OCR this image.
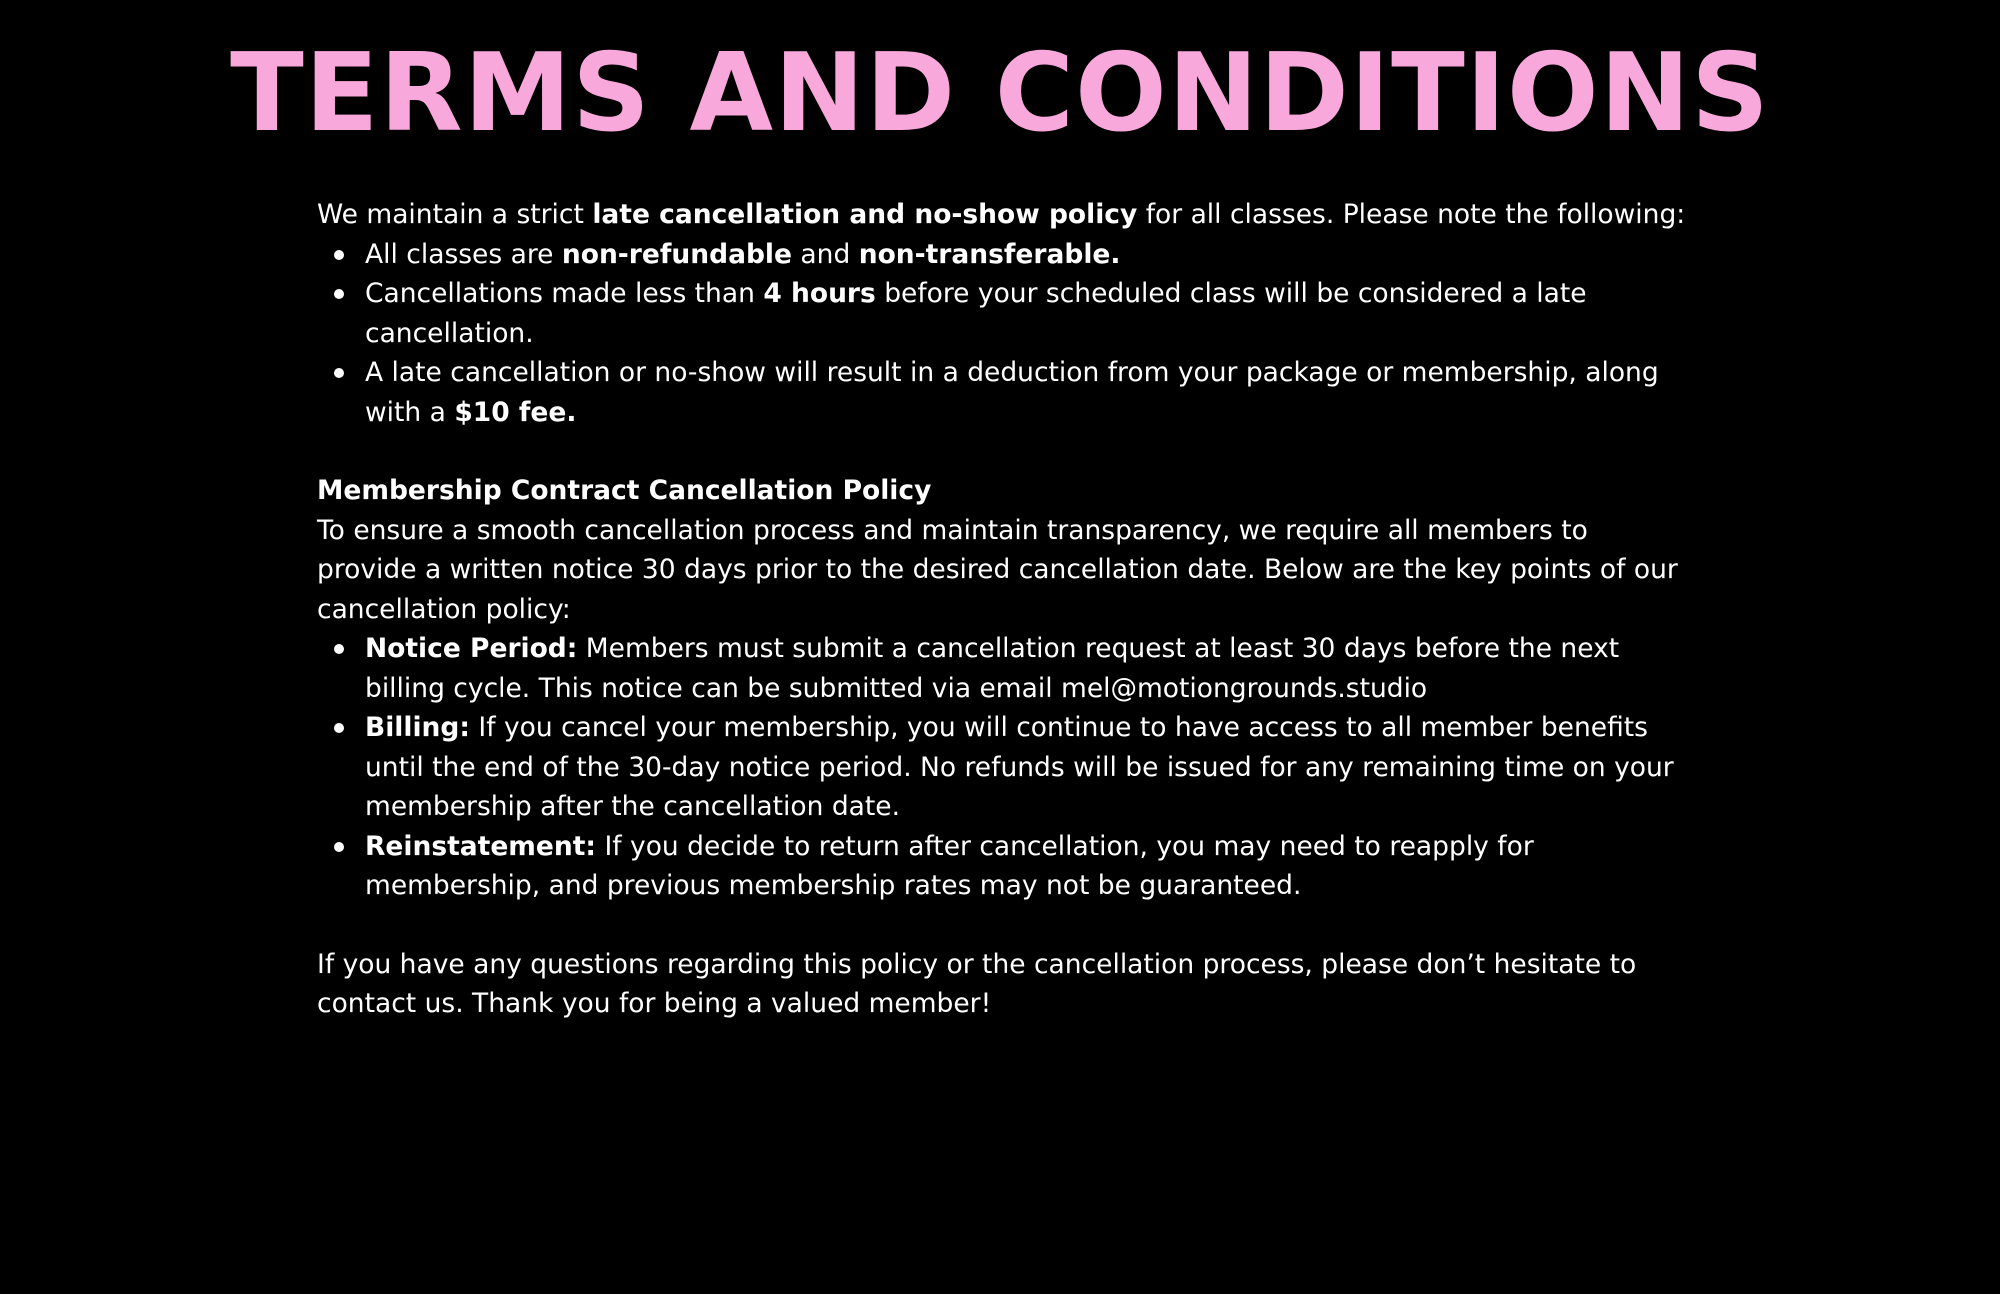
TERMS AND CONDITIONS

We maintain a strict late cancellation and no-show policy for all classes. Please note the following:

All classes are non-refundable and non-transferable.
Cancellations made less than 4 hours before your scheduled class will be considered a late cancellation.
A late cancellation or no-show will result in a deduction from your package or membership, along with a $10 fee.

Membership Contract Cancellation Policy

To ensure a smooth cancellation process and maintain transparency, we require all members to provide a written notice 30 days prior to the desired cancellation date. Below are the key points of our cancellation policy:

Notice Period: Members must submit a cancellation request at least 30 days before the next billing cycle. This notice can be submitted via email mel@motiongrounds.studio
Billing: If you cancel your membership, you will continue to have access to all member benefits until the end of the 30-day notice period. No refunds will be issued for any remaining time on your membership after the cancellation date.
Reinstatement: If you decide to return after cancellation, you may need to reapply for membership, and previous membership rates may not be guaranteed.

If you have any questions regarding this policy or the cancellation process, please don’t hesitate to contact us. Thank you for being a valued member!
